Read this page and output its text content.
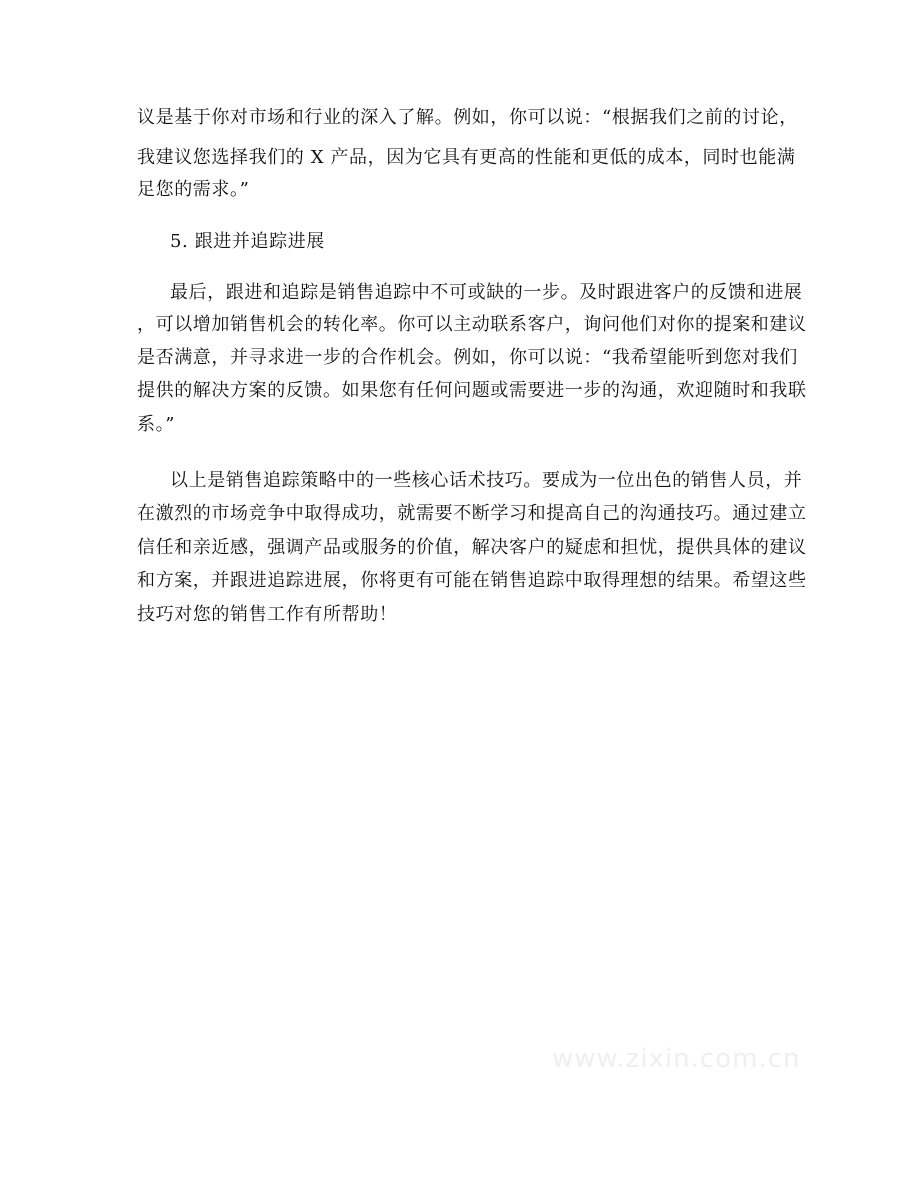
议是基于你对市场和行业的深入了解。例如，你可以说：“根据我们之前的讨论，

我建议您选择我们的 X 产品，因为它具有更高的性能和更低的成本，同时也能满

足您的需求。”

5. 跟进并追踪进展

最后，跟进和追踪是销售追踪中不可或缺的一步。及时跟进客户的反馈和进展

，可以增加销售机会的转化率。你可以主动联系客户，询问他们对你的提案和建议

是否满意，并寻求进一步的合作机会。例如，你可以说：“我希望能听到您对我们

提供的解决方案的反馈。如果您有任何问题或需要进一步的沟通，欢迎随时和我联

系。”

以上是销售追踪策略中的一些核心话术技巧。要成为一位出色的销售人员，并

在激烈的市场竞争中取得成功，就需要不断学习和提高自己的沟通技巧。通过建立

信任和亲近感，强调产品或服务的价值，解决客户的疑虑和担忧，提供具体的建议

和方案，并跟进追踪进展，你将更有可能在销售追踪中取得理想的结果。希望这些

技巧对您的销售工作有所帮助！

www.zixin.com.cn
